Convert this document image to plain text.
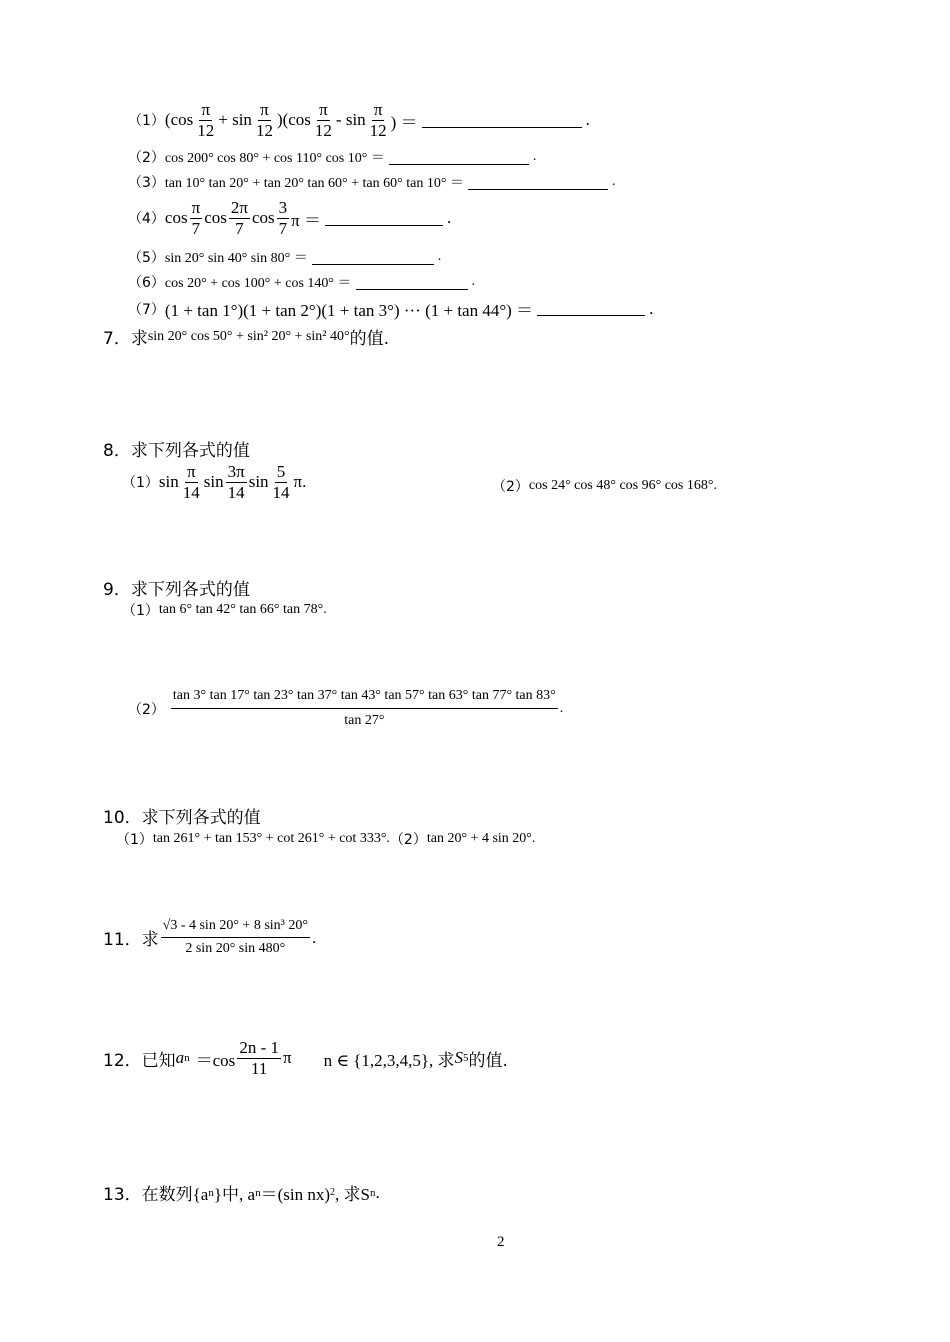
（1） $(\cos \frac{\pi}{12} + \sin \frac{\pi}{12} )(\cos \frac{\pi}{12} - \sin \frac{\pi}{12}$ ) ＝	.
（2） cos 200° cos 80° + cos 110° cos 10° ＝	.
（3） tan 10° tan 20° + tan 20° tan 60° + tan 60° tan 10° ＝	.
（4） $\cos \frac{\pi}{7}$ $\cos \frac{2\pi}{7}$ $\cos \frac{3}{7}$ π ＝	.
（5） sin 20° sin 40° sin 80° ＝	.
（6） cos 20° + cos 100° + cos 140° ＝	.
（7） (1 + tan 1°)(1 + tan 2°)(1 + tan 3°) ··· (1 + tan 44°) ＝	.
7． 求 sin 20° cos 50° + sin² 20° + sin² 40° 的值.
8． 求下列各式的值
（1） $\sin \frac{\pi}{14}$ $\sin \frac{3\pi}{14}$ $\sin \frac{5}{14} \pi$.	（2） cos 24° cos 48° cos 96° cos 168°.
9． 求下列各式的值
（1） tan 6° tan 42° tan 66° tan 78°.
（2）
tan 3° tan 17° tan 23° tan 37° tan 43° tan 57° tan 63° tan 77° tan 83°
tan 27°
.
10． 求下列各式的值
（1） tan 261° + tan 153° + cot 261° + cot 333°. （2） tan 20° + 4 sin 20°.
11． 求 $\frac{\text{√3 - 4 sin 20° + 8 sin³ 20°}}{2 \sin 20^\circ \sin 480^\circ}$ .
12． 已知 a $n =\cos \frac{2n - 1}{11}$ π n ∈ {1,2,3,4,5}, 求 S 5 的值.
13． 在数列{a n }中, a n ＝(sin nx) 2 , 求S n .
2
